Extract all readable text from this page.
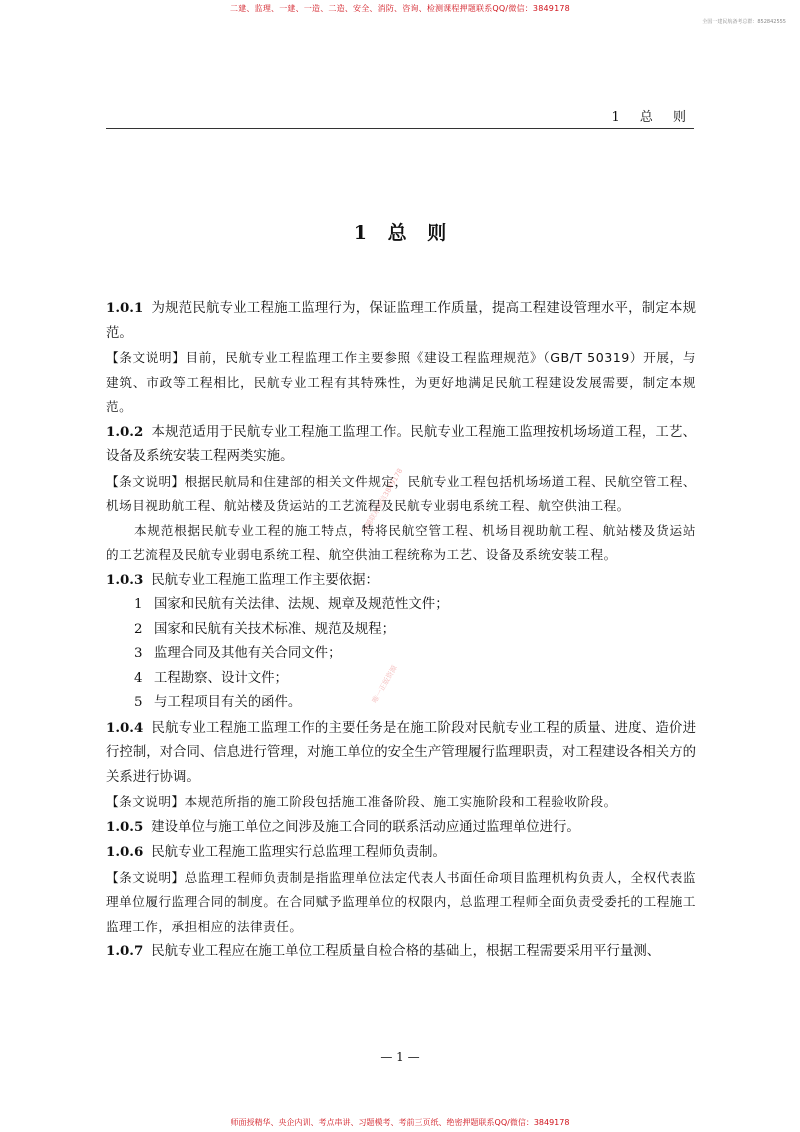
二建、监理、一建、一造、二造、安全、消防、咨询、检测课程押题联系QQ/微信：3849178
全国一建民航备考总群：852842555
押题联系微信3849178
唯一正版资源
1 总 则
1 总 则

1.0.1 为规范民航专业工程施工监理行为，保证监理工作质量，提高工程建设管理水平，制定本规范。

【条文说明】目前，民航专业工程监理工作主要参照《建设工程监理规范》（GB/T 50319）开展，与建筑、市政等工程相比，民航专业工程有其特殊性，为更好地满足民航工程建设发展需要，制定本规范。

1.0.2 本规范适用于民航专业工程施工监理工作。民航专业工程施工监理按机场场道工程，工艺、设备及系统安装工程两类实施。

【条文说明】根据民航局和住建部的相关文件规定，民航专业工程包括机场场道工程、民航空管工程、机场目视助航工程、航站楼及货运站的工艺流程及民航专业弱电系统工程、航空供油工程。

本规范根据民航专业工程的施工特点，特将民航空管工程、机场目视助航工程、航站楼及货运站的工艺流程及民航专业弱电系统工程、航空供油工程统称为工艺、设备及系统安装工程。

1.0.3 民航专业工程施工监理工作主要依据：

1 国家和民航有关法律、法规、规章及规范性文件；

2 国家和民航有关技术标准、规范及规程；

3 监理合同及其他有关合同文件；

4 工程勘察、设计文件；

5 与工程项目有关的函件。

1.0.4 民航专业工程施工监理工作的主要任务是在施工阶段对民航专业工程的质量、进度、造价进行控制，对合同、信息进行管理，对施工单位的安全生产管理履行监理职责，对工程建设各相关方的关系进行协调。

【条文说明】本规范所指的施工阶段包括施工准备阶段、施工实施阶段和工程验收阶段。

1.0.5 建设单位与施工单位之间涉及施工合同的联系活动应通过监理单位进行。

1.0.6 民航专业工程施工监理实行总监理工程师负责制。

【条文说明】总监理工程师负责制是指监理单位法定代表人书面任命项目监理机构负责人，全权代表监理单位履行监理合同的制度。在合同赋予监理单位的权限内，总监理工程师全面负责受委托的工程施工监理工作，承担相应的法律责任。

1.0.7 民航专业工程应在施工单位工程质量自检合格的基础上，根据工程需要采用平行量测、

— 1 —
师面授精华、央企内训、考点串讲、习题模考、考前三页纸、绝密押题联系QQ/微信：3849178
